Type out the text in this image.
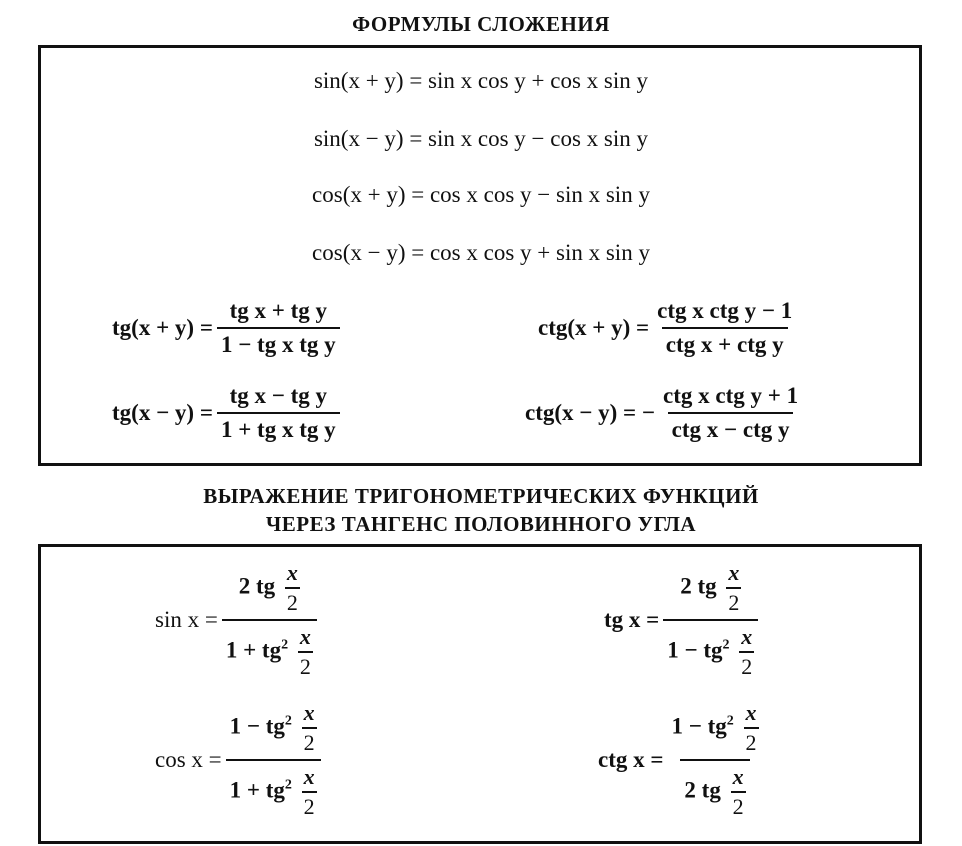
ФОРМУЛЫ СЛОЖЕНИЯ
sin(x + y) = sin x cos y + cos x sin y
sin(x − y) = sin x cos y − cos x sin y
cos(x + y) = cos x cos y − sin x sin y
cos(x − y) = cos x cos y + sin x sin y
$tg(x + y) = \frac{\text{tg x + tg y}}{\text{1 − tg x tg y}}$	$ctg(x + y) = \frac{\text{ctg x ctg y − 1}}{\text{ctg x + ctg y}}$
$tg(x - y) = \frac{\text{tg x − tg y}}{\text{1 + tg x tg y}}$	ctg(x − y) = − $\frac{\text{ctg x ctg y + 1}}{\text{ctg x − ctg y}}$
ВЫРАЖЕНИЕ ТРИГОНОМЕТРИЧЕСКИХ ФУНКЦИЙ
ЧЕРЕЗ ТАНГЕНС ПОЛОВИННОГО УГЛА
$\sin x = \frac{2 tg \frac{x}{2}}{1 + tg^2 \frac{x}{2}}$	tg $x = \frac{2 tg \frac{x}{2}}{1 - tg^2 \frac{x}{2}}$
$\cos x = \frac{1 - tg^2 \frac{x}{2}}{1 + tg^2 \frac{x}{2}}$	ctg $x = \frac{1 - tg^2 \frac{x}{2}}{2 tg \frac{x}{2}}$
